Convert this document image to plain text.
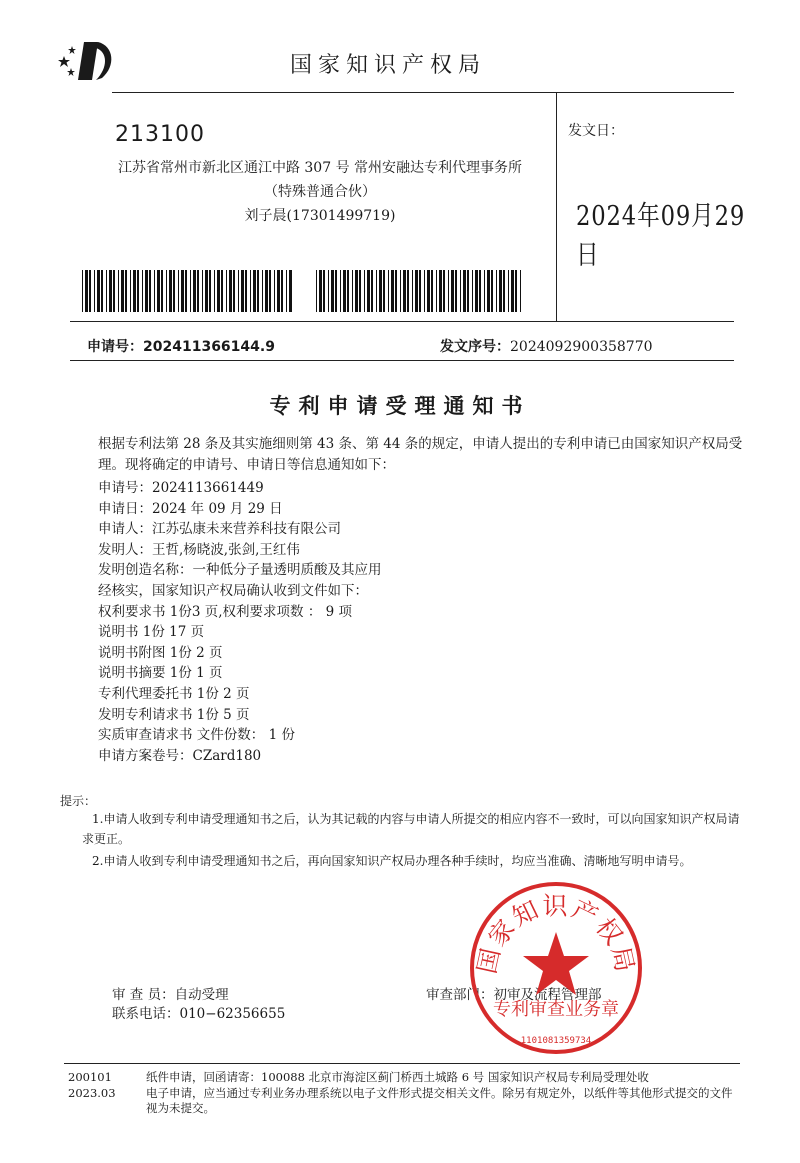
国家知识产权局
213100
江苏省常州市新北区通江中路 307 号 常州安融达专利代理事务所
（特殊普通合伙）
刘子晨(17301499719)
发文日：
2024年09月29日
申请号：202411366144.9	发文序号：2024092900358770
专利申请受理通知书
根据专利法第 28 条及其实施细则第 43 条、第 44 条的规定，申请人提出的专利申请已由国家知识产权局受理。现将确定的申请号、申请日等信息通知如下：
申请号：2024113661449
申请日：2024 年 09 月 29 日
申请人：江苏弘康未来营养科技有限公司
发明人：王哲,杨晓波,张剑,王红伟
发明创造名称：一种低分子量透明质酸及其应用
经核实，国家知识产权局确认收到文件如下：
权利要求书 1份3 页,权利要求项数 ： 9 项
说明书 1份 17 页
说明书附图 1份 2 页
说明书摘要 1份 1 页
专利代理委托书 1份 2 页
发明专利请求书 1份 5 页
实质审查请求书 文件份数： 1 份
申请方案卷号：CZard180
提示：
1.申请人收到专利申请受理通知书之后，认为其记载的内容与申请人所提交的相应内容不一致时，可以向国家知识产权局请求更正。
2.申请人收到专利申请受理通知书之后，再向国家知识产权局办理各种手续时，均应当准确、清晰地写明申请号。
审 查 员：自动受理
联系电话：010−62356655
审查部门：初审及流程管理部
国家知识产权局
专利审查业务章
1101081359734
200101
2023.03
纸件申请，回函请寄：100088 北京市海淀区蓟门桥西土城路 6 号 国家知识产权局专利局受理处收
电子申请，应当通过专利业务办理系统以电子文件形式提交相关文件。除另有规定外，以纸件等其他形式提交的文件视为未提交。
